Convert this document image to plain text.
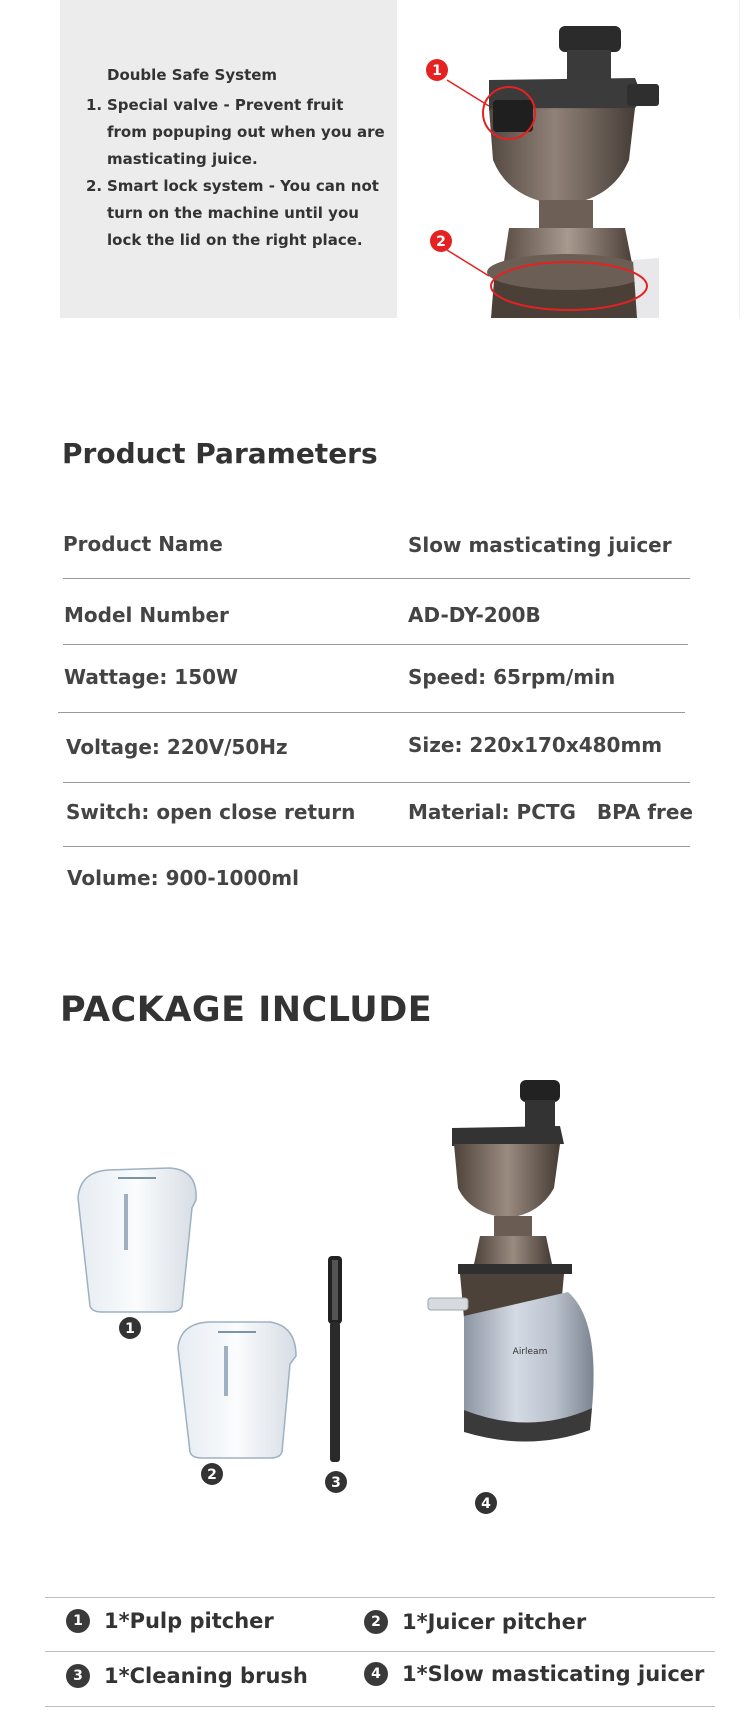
Double Safe System
1. Special valve - Prevent fruit from popuping out when you are masticating juice.
2. Smart lock system - You can not turn on the machine until you lock the lid on the right place.
1
2
Product Parameters
Product Name	Slow masticating juicer
Model Number	AD-DY-200B
Wattage: 150W	Speed: 65rpm/min
Voltage: 220V/50Hz	Size: 220x170x480mm
Switch: open close return	Material: PCTG   BPA free
Volume: 900-1000ml
PACKAGE INCLUDE
1
2	3
Airleam
4
1	1*Pulp pitcher	2	1*Juicer pitcher
3	1*Cleaning brush	4	1*Slow masticating juicer
